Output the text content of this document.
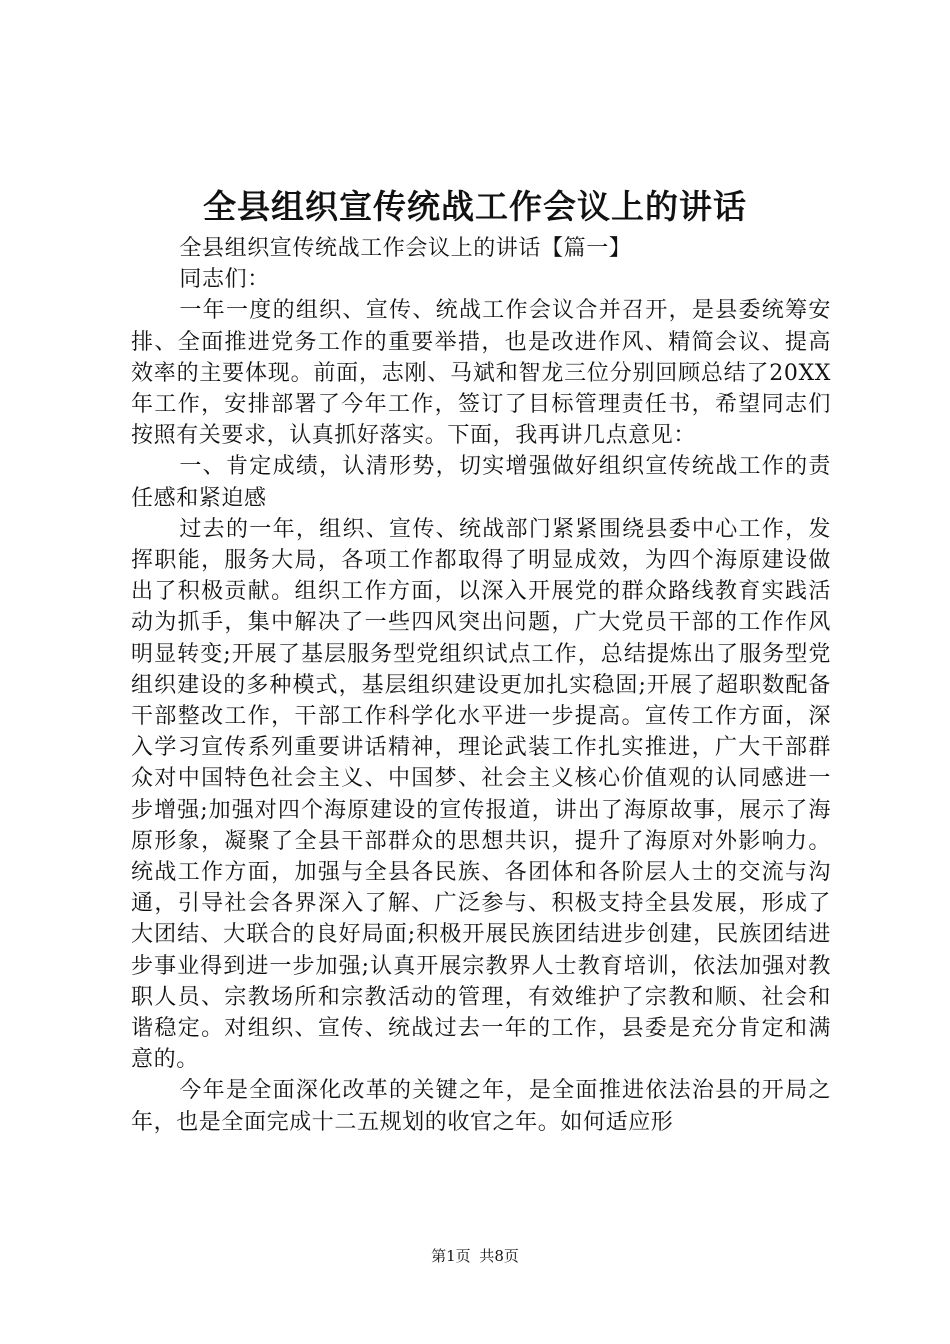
全县组织宣传统战工作会议上的讲话

全县组织宣传统战工作会议上的讲话【篇一】

同志们：

一年一度的组织、宣传、统战工作会议合并召开，是县委统筹安排、全面推进党务工作的重要举措，也是改进作风、精简会议、提高效率的主要体现。前面，志刚、马斌和智龙三位分别回顾总结了20XX年工作，安排部署了今年工作，签订了目标管理责任书，希望同志们按照有关要求，认真抓好落实。下面，我再讲几点意见：

一、肯定成绩，认清形势，切实增强做好组织宣传统战工作的责任感和紧迫感

过去的一年，组织、宣传、统战部门紧紧围绕县委中心工作，发挥职能，服务大局，各项工作都取得了明显成效，为四个海原建设做出了积极贡献。组织工作方面，以深入开展党的群众路线教育实践活动为抓手，集中解决了一些四风突出问题，广大党员干部的工作作风明显转变;开展了基层服务型党组织试点工作，总结提炼出了服务型党组织建设的多种模式，基层组织建设更加扎实稳固;开展了超职数配备干部整改工作，干部工作科学化水平进一步提高。宣传工作方面，深入学习宣传系列重要讲话精神，理论武装工作扎实推进，广大干部群众对中国特色社会主义、中国梦、社会主义核心价值观的认同感进一步增强;加强对四个海原建设的宣传报道，讲出了海原故事，展示了海原形象，凝聚了全县干部群众的思想共识，提升了海原对外影响力。统战工作方面，加强与全县各民族、各团体和各阶层人士的交流与沟通，引导社会各界深入了解、广泛参与、积极支持全县发展，形成了大团结、大联合的良好局面;积极开展民族团结进步创建，民族团结进步事业得到进一步加强;认真开展宗教界人士教育培训，依法加强对教职人员、宗教场所和宗教活动的管理，有效维护了宗教和顺、社会和谐稳定。对组织、宣传、统战过去一年的工作，县委是充分肯定和满意的。

今年是全面深化改革的关键之年，是全面推进依法治县的开局之年，也是全面完成十二五规划的收官之年。如何适应形

第1页 共8页
